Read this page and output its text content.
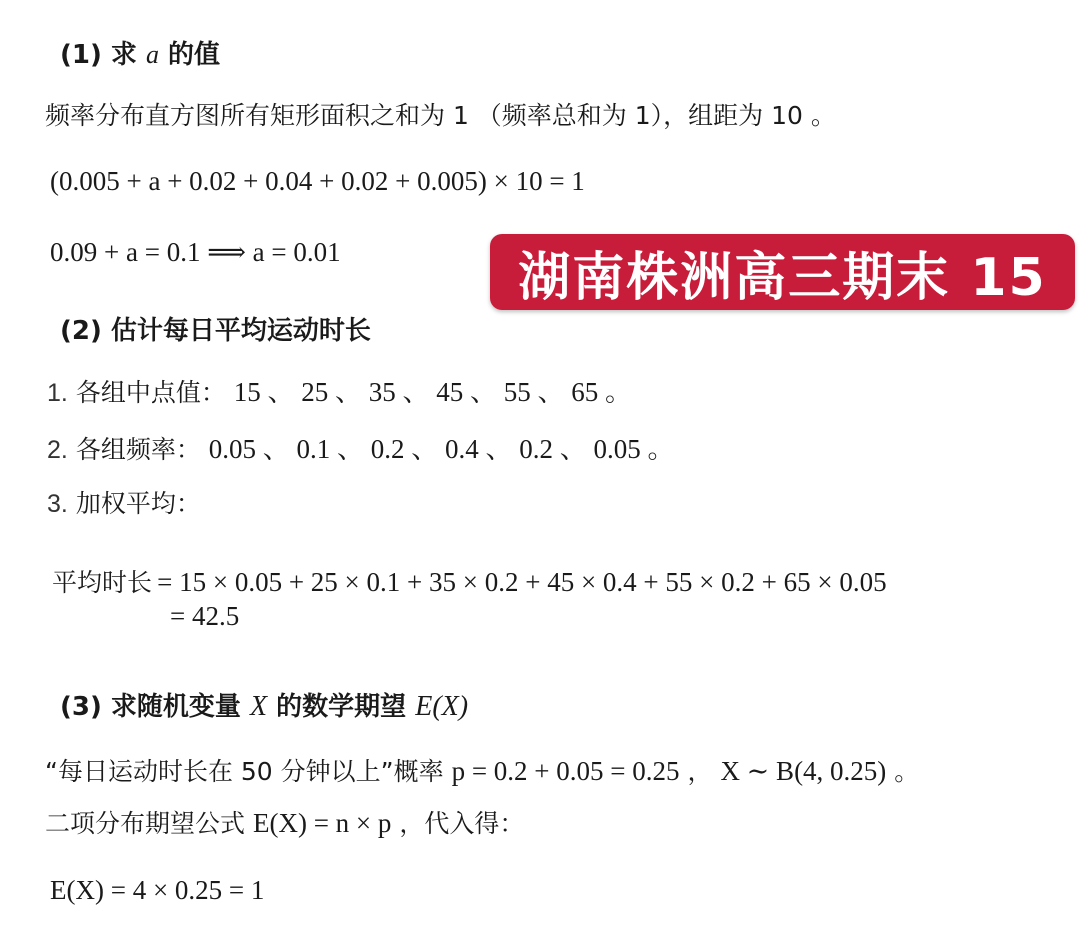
(1) 求 a 的值
频率分布直方图所有矩形面积之和为 1 （频率总和为 1），组距为 10 。
(0.005 + a + 0.02 + 0.04 + 0.02 + 0.005) × 10 = 1
0.09 + a = 0.1 ⟹ a = 0.01	湖南株洲高三期末 15
(2) 估计每日平均运动时长
1. 各组中点值： 15 、 25 、 35 、 45 、 55 、 65 。
2. 各组频率： 0.05 、 0.1 、 0.2 、 0.4 、 0.2 、 0.05 。
3. 加权平均：
平均时长 = 15 × 0.05 + 25 × 0.1 + 35 × 0.2 + 45 × 0.4 + 55 × 0.2 + 65 × 0.05
= 42.5
(3) 求随机变量 X 的数学期望 E(X)
“每日运动时长在 50 分钟以上”概率 p = 0.2 + 0.05 = 0.25 ， X ∼ B(4, 0.25) 。
二项分布期望公式 E(X) = n × p ，代入得：
E(X) = 4 × 0.25 = 1
